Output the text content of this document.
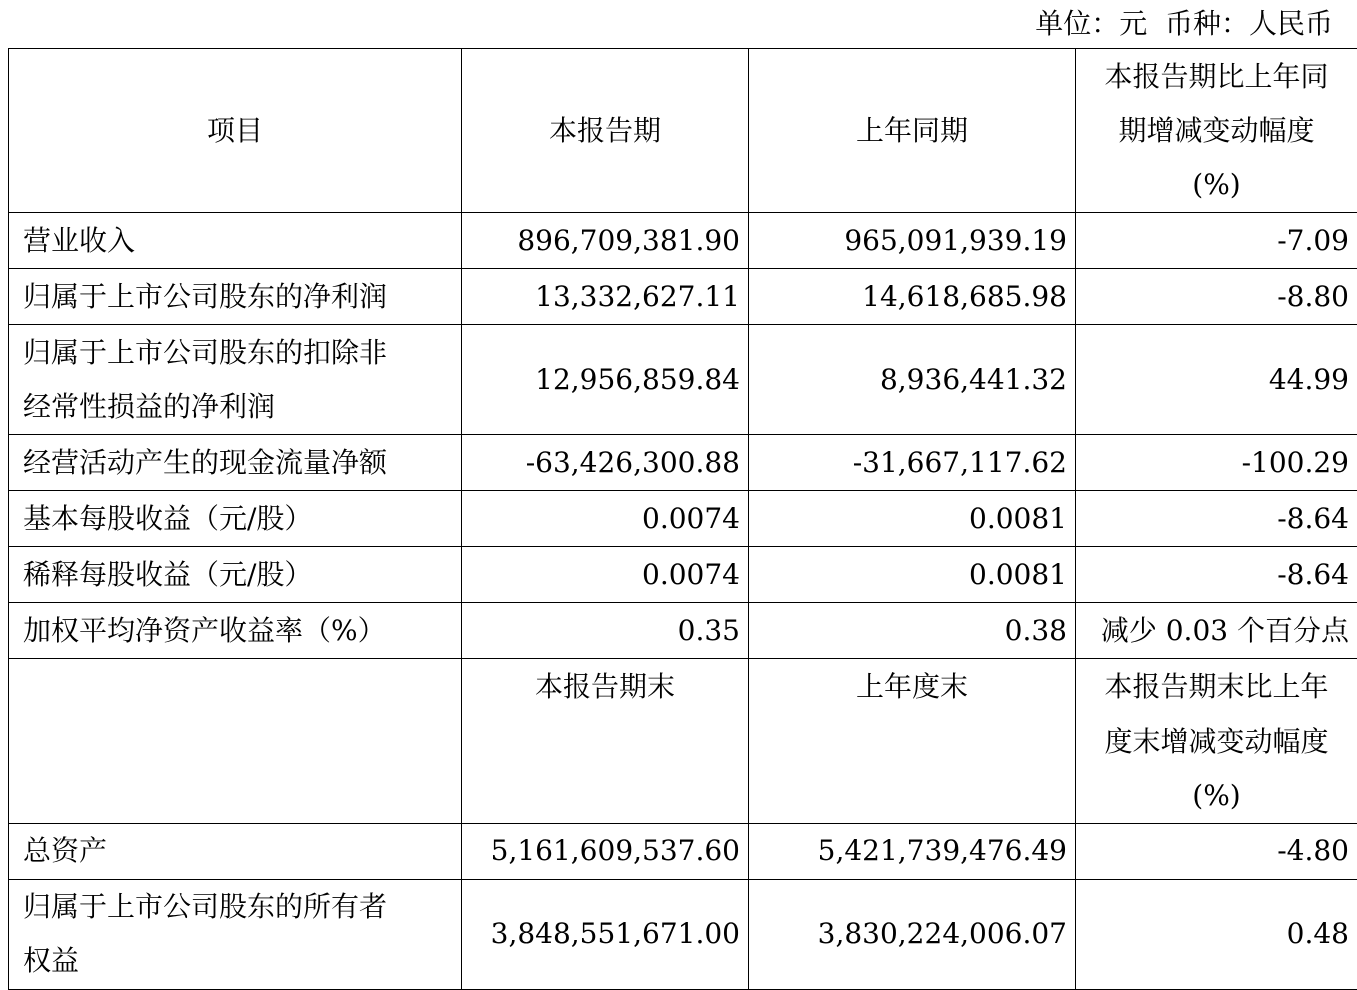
单位：元  币种：人民币
项目	本报告期	上年同期	本报告期比上年同
期增减变动幅度
(%)
营业收入	896,709,381.90	965,091,939.19	-7.09
归属于上市公司股东的净利润	13,332,627.11	14,618,685.98	-8.80
归属于上市公司股东的扣除非
经常性损益的净利润	12,956,859.84	8,936,441.32	44.99
经营活动产生的现金流量净额	-63,426,300.88	-31,667,117.62	-100.29
基本每股收益（元/股）	0.0074	0.0081	-8.64
稀释每股收益（元/股）	0.0074	0.0081	-8.64
加权平均净资产收益率（%）	0.35	0.38	减少 0.03 个百分点
	本报告期末	上年度末	本报告期末比上年
			度末增减变动幅度
(%)
总资产	5,161,609,537.60	5,421,739,476.49	-4.80
归属于上市公司股东的所有者
权益	3,848,551,671.00	3,830,224,006.07	0.48
